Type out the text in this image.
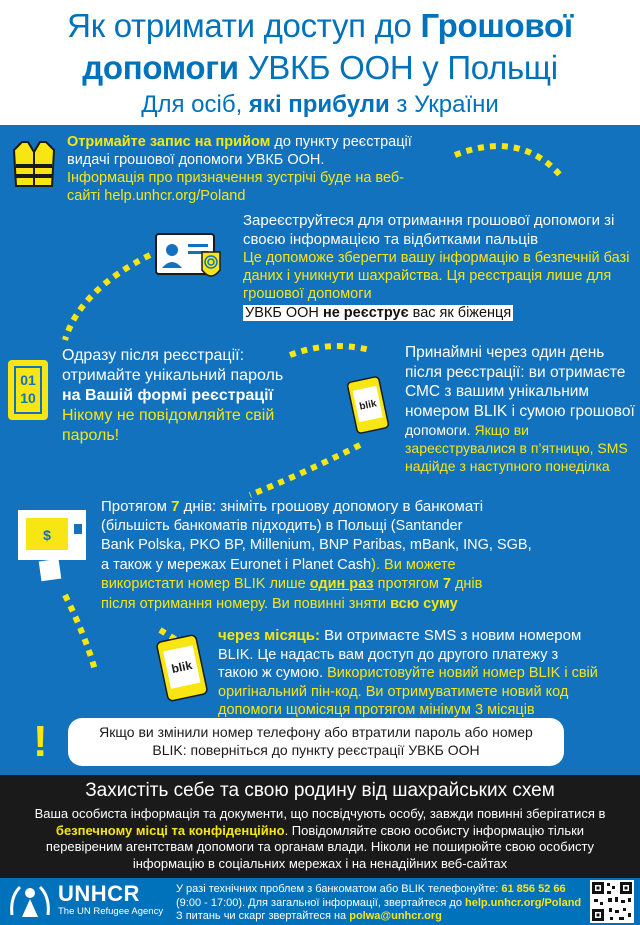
Як отримати доступ до Грошової
допомоги УВКБ ООН у Польщі
Для осіб, які прибули з України
Отримайте запис на прийом до пункту реєстрації
видачі грошової допомоги УВКБ ООН.
Інформація про призначення зустрічі буде на веб-
сайті help.unhcr.org/Poland
Зареєструйтеся для отримання грошової допомоги зі
своєю інформацією та відбитками пальців
Це допоможе зберегти вашу інформацію в безпечній базі
даних і уникнути шахрайства. Ця реєстрація лише для
грошової допомоги
УВКБ ООН не реєструє вас як біженця
01
10
Одразу після реєстрації:
отримайте унікальний пароль
на Вашій формі реєстрації
Нікому не повідомляйте свій
пароль!
blik
Принаймні через один день
після реєстрації: ви отримаєте
СМС з вашим унікальним
номером BLIK і сумою грошової
допомоги. Якщо ви
зареєструвалися в п’ятницю, SMS
надійде з наступного понеділка
$
Протягом 7 днів: зніміть грошову допомогу в банкоматі
(більшість банкоматів підходить) в Польщі (Santander
Bank Polska, PKO BP, Millenium, BNP Paribas, mBank, ING, SGB,
а також у мережах Euronet і Planet Cash). Ви можете
використати номер BLIK лише один раз протягом 7 днів
після отримання номеру. Ви повинні зняти всю суму
blik
через місяць: Ви отримаєте SMS з новим номером
BLIK. Це надасть вам доступ до другого платежу з
такою ж сумою. Використовуйте новий номер BLIK і свій
оригінальний пін-код. Ви отримуватимете новий код
допомоги щомісяця протягом мінімум 3 місяців
!	Якщо ви змінили номер телефону або втратили пароль або номер
BLIK: поверніться до пункту реєстрації УВКБ ООН
Захистіть себе та свою родину від шахрайських схем
Ваша особиста інформація та документи, що посвідчують особу, завжди повинні зберігатися в
безпечному місці та конфіденційно. Повідомляйте свою особисту інформацію тільки
перевіреним агентствам допомоги та органам влади. Ніколи не поширюйте свою особисту
інформацію в соціальних мережах і на ненадійних веб-сайтах
UNHCR
The UN Refugee Agency
У разі технічних проблем з банкоматом або BLIK телефонуйте: 61 856 52 66
(9:00 - 17:00). Для загальної інформації, звертайтеся до help.unhcr.org/Poland
З питань чи скарг звертайтеся на polwa@unhcr.org
